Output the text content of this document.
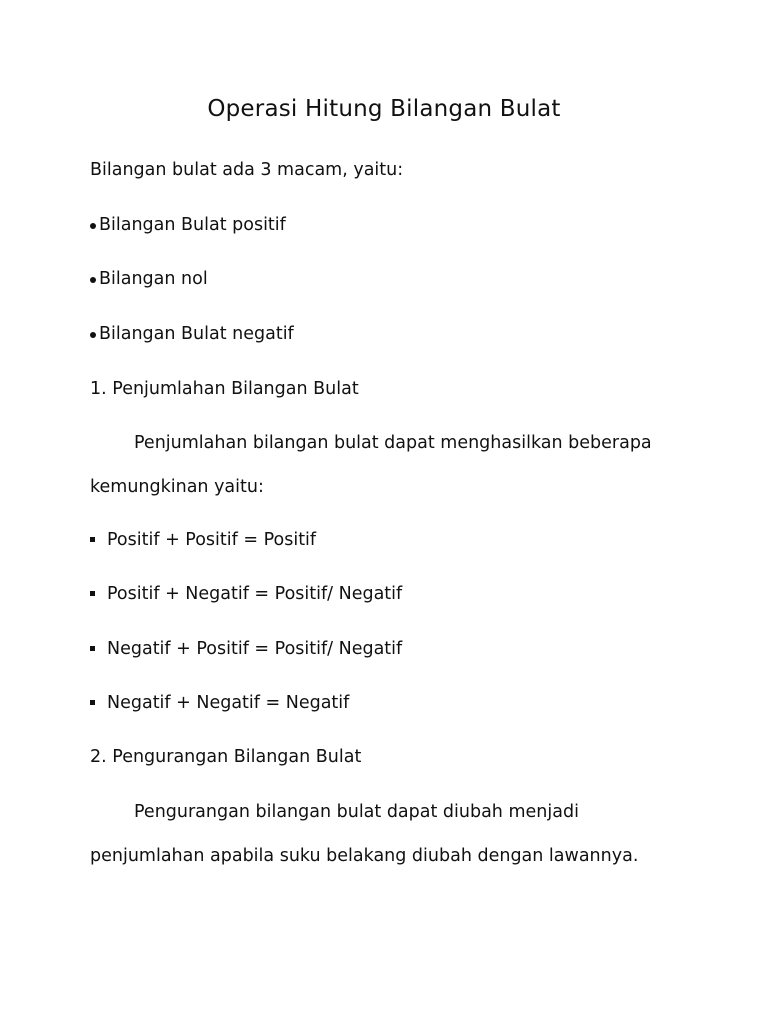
Operasi Hitung Bilangan Bulat
Bilangan bulat ada 3 macam, yaitu:
Bilangan Bulat positif
Bilangan nol
Bilangan Bulat negatif
1. Penjumlahan Bilangan Bulat
Penjumlahan bilangan bulat dapat menghasilkan beberapa
kemungkinan yaitu:
Positif + Positif = Positif
Positif + Negatif = Positif/ Negatif
Negatif + Positif = Positif/ Negatif
Negatif + Negatif = Negatif
2. Pengurangan Bilangan Bulat
Pengurangan bilangan bulat dapat diubah menjadi
penjumlahan apabila suku belakang diubah dengan lawannya.
